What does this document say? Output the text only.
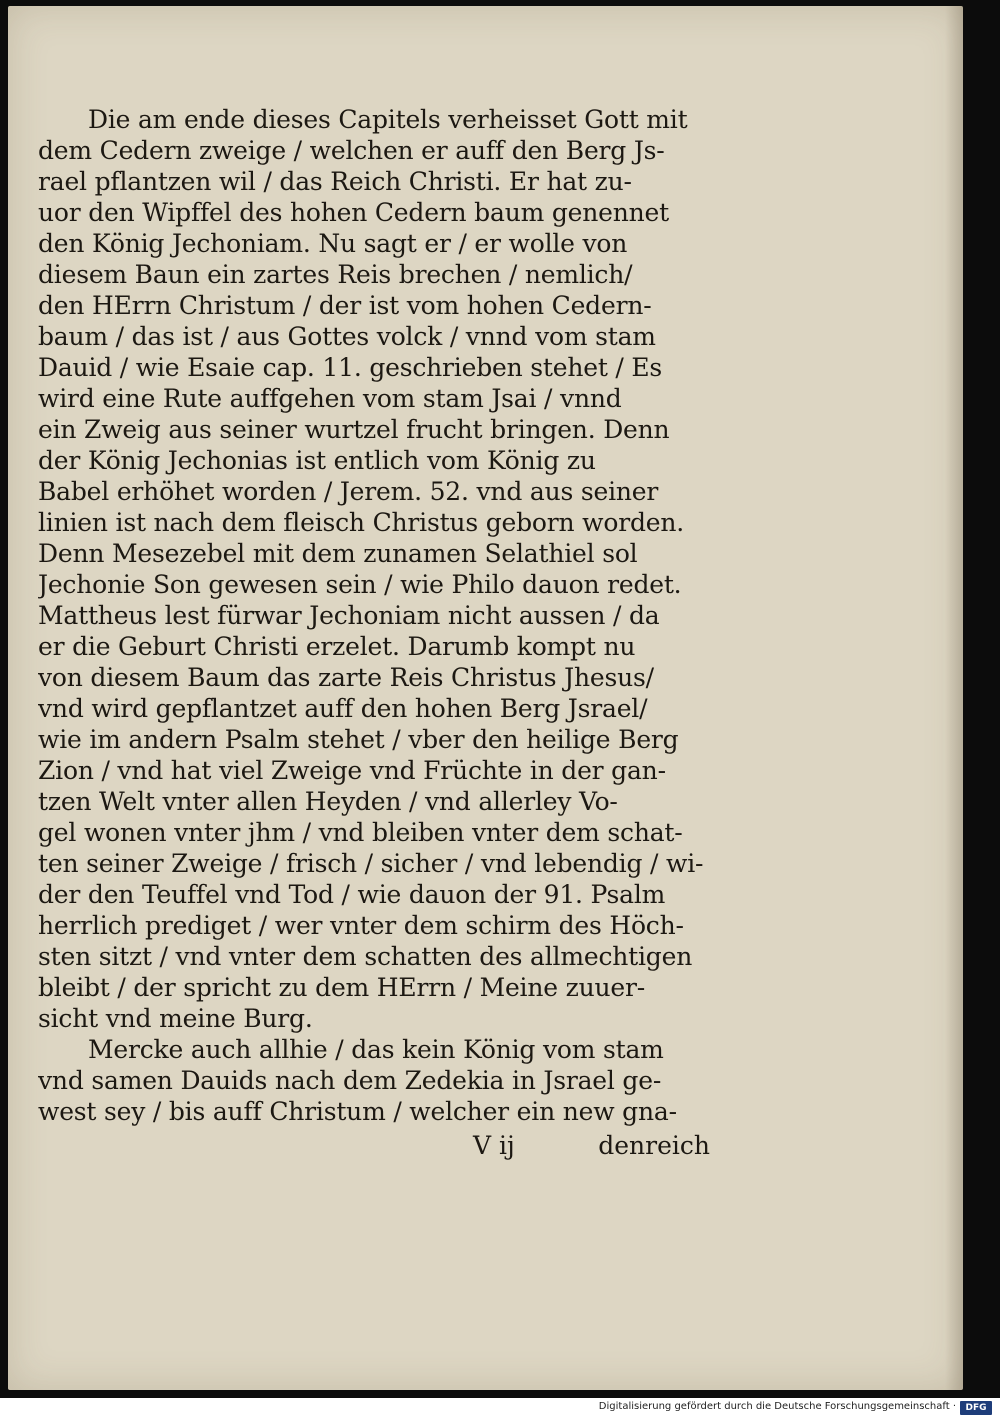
Die am ende dieses Capitels verheisset Gott mit
dem Cedern zweige / welchen er auff den Berg Js-
rael pflantzen wil / das Reich Christi. Er hat zu-
uor den Wipffel des hohen Cedern baum genennet
den König Jechoniam. Nu sagt er / er wolle von
diesem Baun ein zartes Reis brechen / nemlich/
den HErrn Christum / der ist vom hohen Cedern-
baum / das ist / aus Gottes volck / vnnd vom stam
Dauid / wie Esaie cap. 11. geschrieben stehet / Es
wird eine Rute auffgehen vom stam Jsai / vnnd
ein Zweig aus seiner wurtzel frucht bringen. Denn
der König Jechonias ist entlich vom König zu
Babel erhöhet worden / Jerem. 52. vnd aus seiner
linien ist nach dem fleisch Christus geborn worden.
Denn Mesezebel mit dem zunamen Selathiel sol
Jechonie Son gewesen sein / wie Philo dauon redet.
Mattheus lest fürwar Jechoniam nicht aussen / da
er die Geburt Christi erzelet. Darumb kompt nu
von diesem Baum das zarte Reis Christus Jhesus/
vnd wird gepflantzet auff den hohen Berg Jsrael/
wie im andern Psalm stehet / vber den heilige Berg
Zion / vnd hat viel Zweige vnd Früchte in der gan-
tzen Welt vnter allen Heyden / vnd allerley Vo-
gel wonen vnter jhm / vnd bleiben vnter dem schat-
ten seiner Zweige / frisch / sicher / vnd lebendig / wi-
der den Teuffel vnd Tod / wie dauon der 91. Psalm
herrlich prediget / wer vnter dem schirm des Höch-
sten sitzt / vnd vnter dem schatten des allmechtigen
bleibt / der spricht zu dem HErrn / Meine zuuer-
sicht vnd meine Burg.
Mercke auch allhie / das kein König vom stam
vnd samen Dauids nach dem Zedekia in Jsrael ge-
west sey / bis auff Christum / welcher ein new gna-
V ij	denreich
Digitalisierung gefördert durch die Deutsche Forschungsgemeinschaft ·	DFG
